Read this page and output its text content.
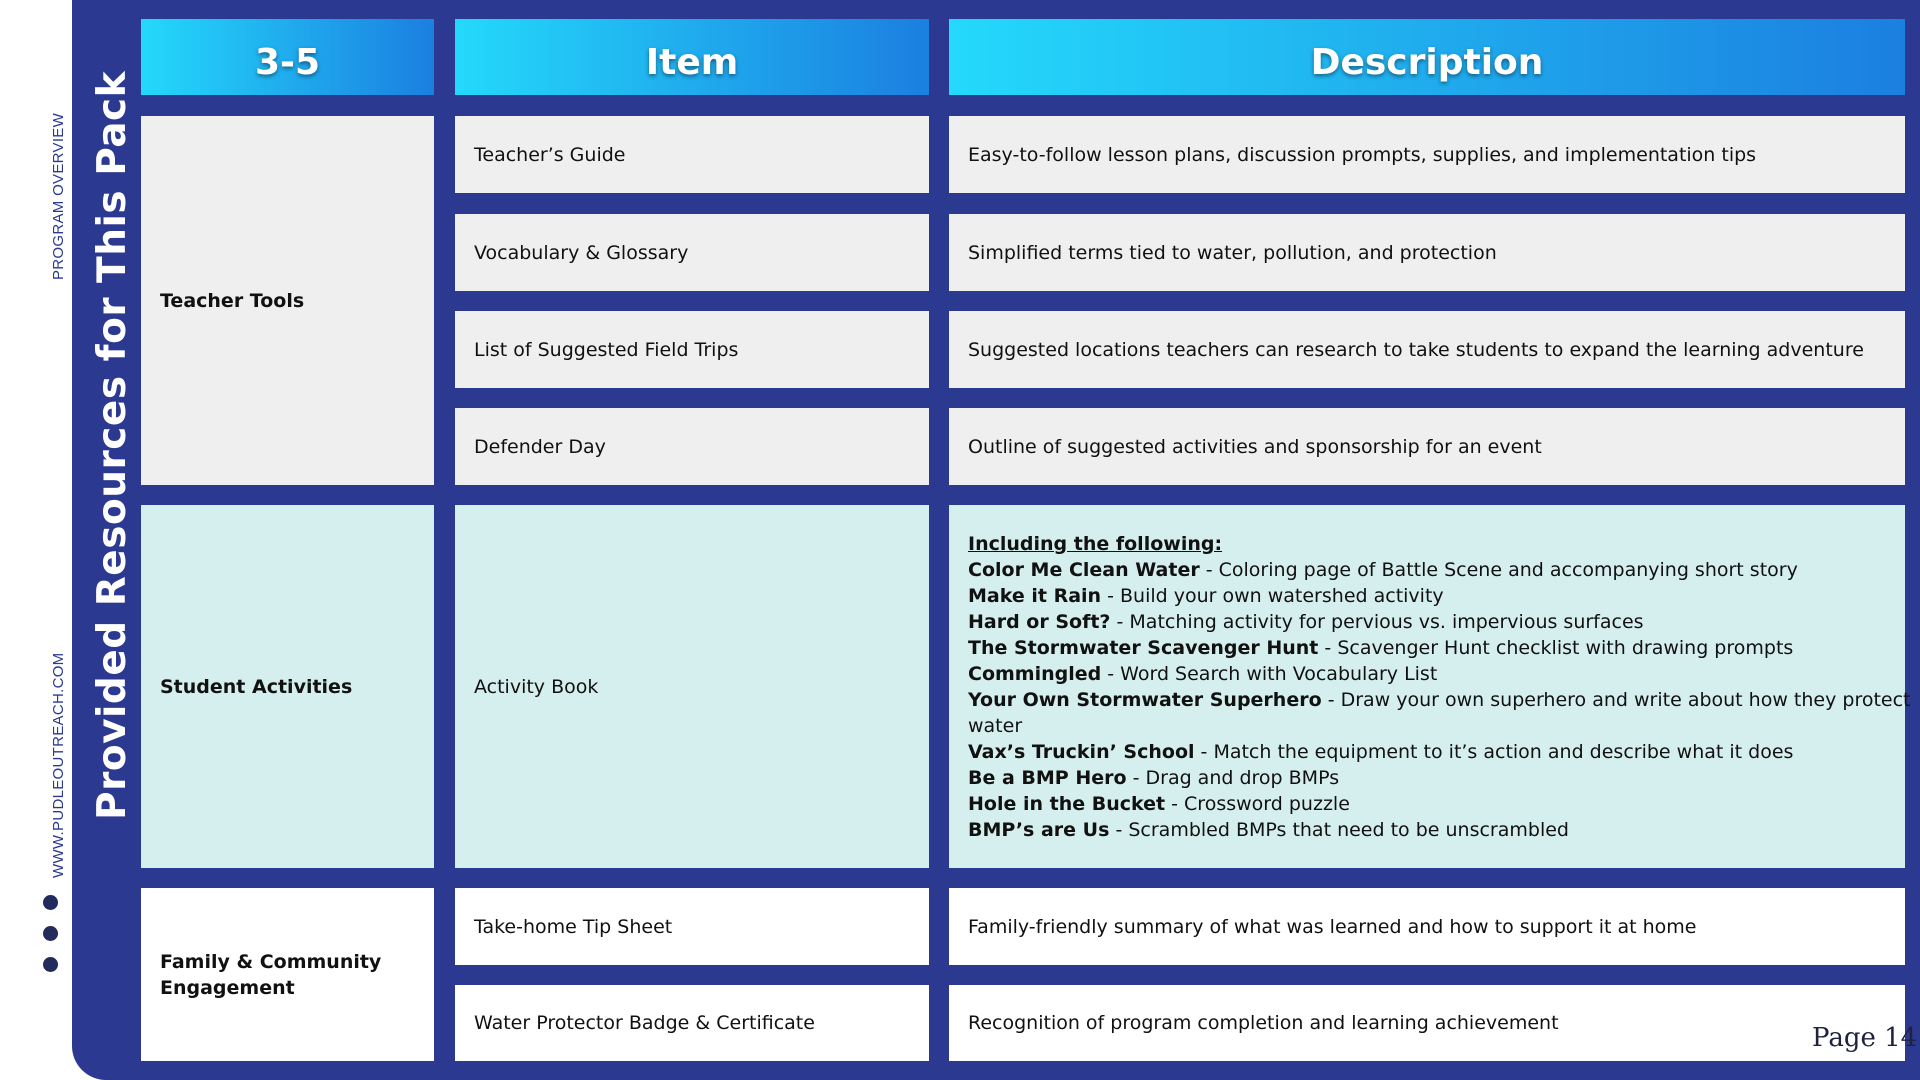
PROGRAM OVERVIEW
WWW.PUDLEOUTREACH.COM Provided Resources for This Pack
3-5	Item	Description
Teacher Tools
Teacher’s Guide	Easy-to-follow lesson plans, discussion prompts, supplies, and implementation tips
Vocabulary & Glossary	Simplified terms tied to water, pollution, and protection
List of Suggested Field Trips	Suggested locations teachers can research to take students to expand the learning adventure
Defender Day	Outline of suggested activities and sponsorship for an event
Student Activities	Activity Book
Including the following:
Color Me Clean Water - Coloring page of Battle Scene and accompanying short story
Make it Rain - Build your own watershed activity
Hard or Soft? - Matching activity for pervious vs. impervious surfaces
The Stormwater Scavenger Hunt - Scavenger Hunt checklist with drawing prompts
Commingled - Word Search with Vocabulary List
Your Own Stormwater Superhero - Draw your own superhero and write about how they protect
water
Vax’s Truckin’ School - Match the equipment to it’s action and describe what it does
Be a BMP Hero - Drag and drop BMPs
Hole in the Bucket - Crossword puzzle
BMP’s are Us - Scrambled BMPs that need to be unscrambled
Family & Community Engagement
Take-home Tip Sheet	Family-friendly summary of what was learned and how to support it at home
Water Protector Badge & Certificate	Recognition of program completion and learning achievement	Page 14
